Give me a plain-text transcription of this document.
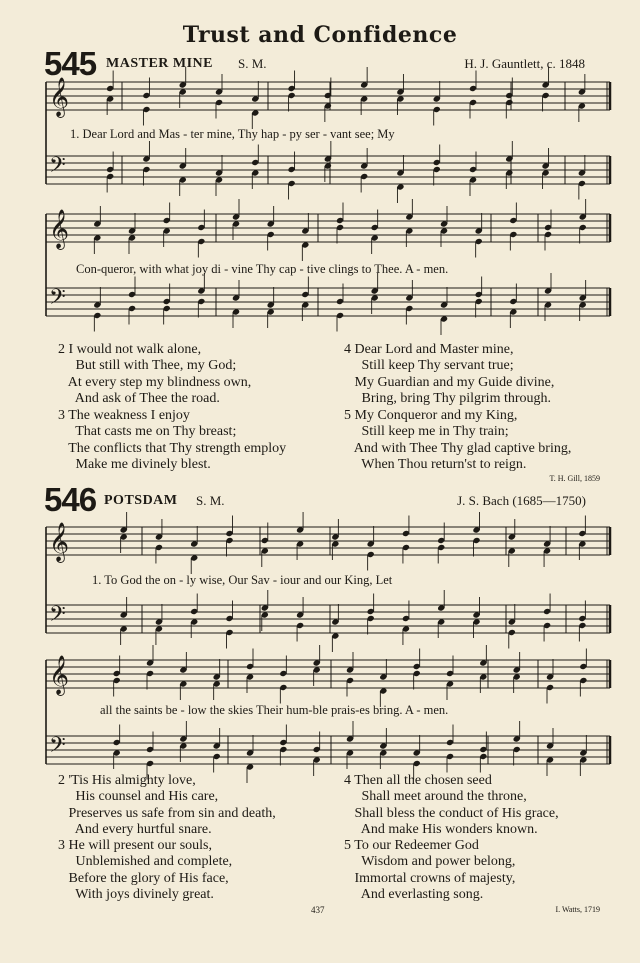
Trust and Confidence
545 MASTER MINE S. M.	H. J. Gauntlett, c. 1848
𝄞
𝄢
𝄞
𝄢
𝄞
𝄢
𝄞
𝄢
1. Dear Lord and Mas - ter mine, Thy hap - py ser - vant see; My
Con-queror, with what joy di - vine Thy cap - tive clings to Thee. A - men.
2 I would not walk alone,
But still with Thee, my God;
At every step my blindness own,
And ask of Thee the road.
3 The weakness I enjoy
That casts me on Thy breast;
The conflicts that Thy strength employ
Make me divinely blest.
4 Dear Lord and Master mine,
Still keep Thy servant true;
My Guardian and my Guide divine,
Bring, bring Thy pilgrim through.
5 My Conqueror and my King,
Still keep me in Thy train;
And with Thee Thy glad captive bring,
When Thou return'st to reign.
T. H. Gill, 1859
546 POTSDAM S. M.	J. S. Bach (1685—1750)
1. To God the on - ly wise, Our Sav - iour and our King, Let
all the saints be - low the skies Their hum-ble prais-es bring. A - men.
2 'Tis His almighty love,
His counsel and His care,
Preserves us safe from sin and death,
And every hurtful snare.
3 He will present our souls,
Unblemished and complete,
Before the glory of His face,
With joys divinely great.
4 Then all the chosen seed
Shall meet around the throne,
Shall bless the conduct of His grace,
And make His wonders known.
5 To our Redeemer God
Wisdom and power belong,
Immortal crowns of majesty,
And everlasting song.
437	I. Watts, 1719
